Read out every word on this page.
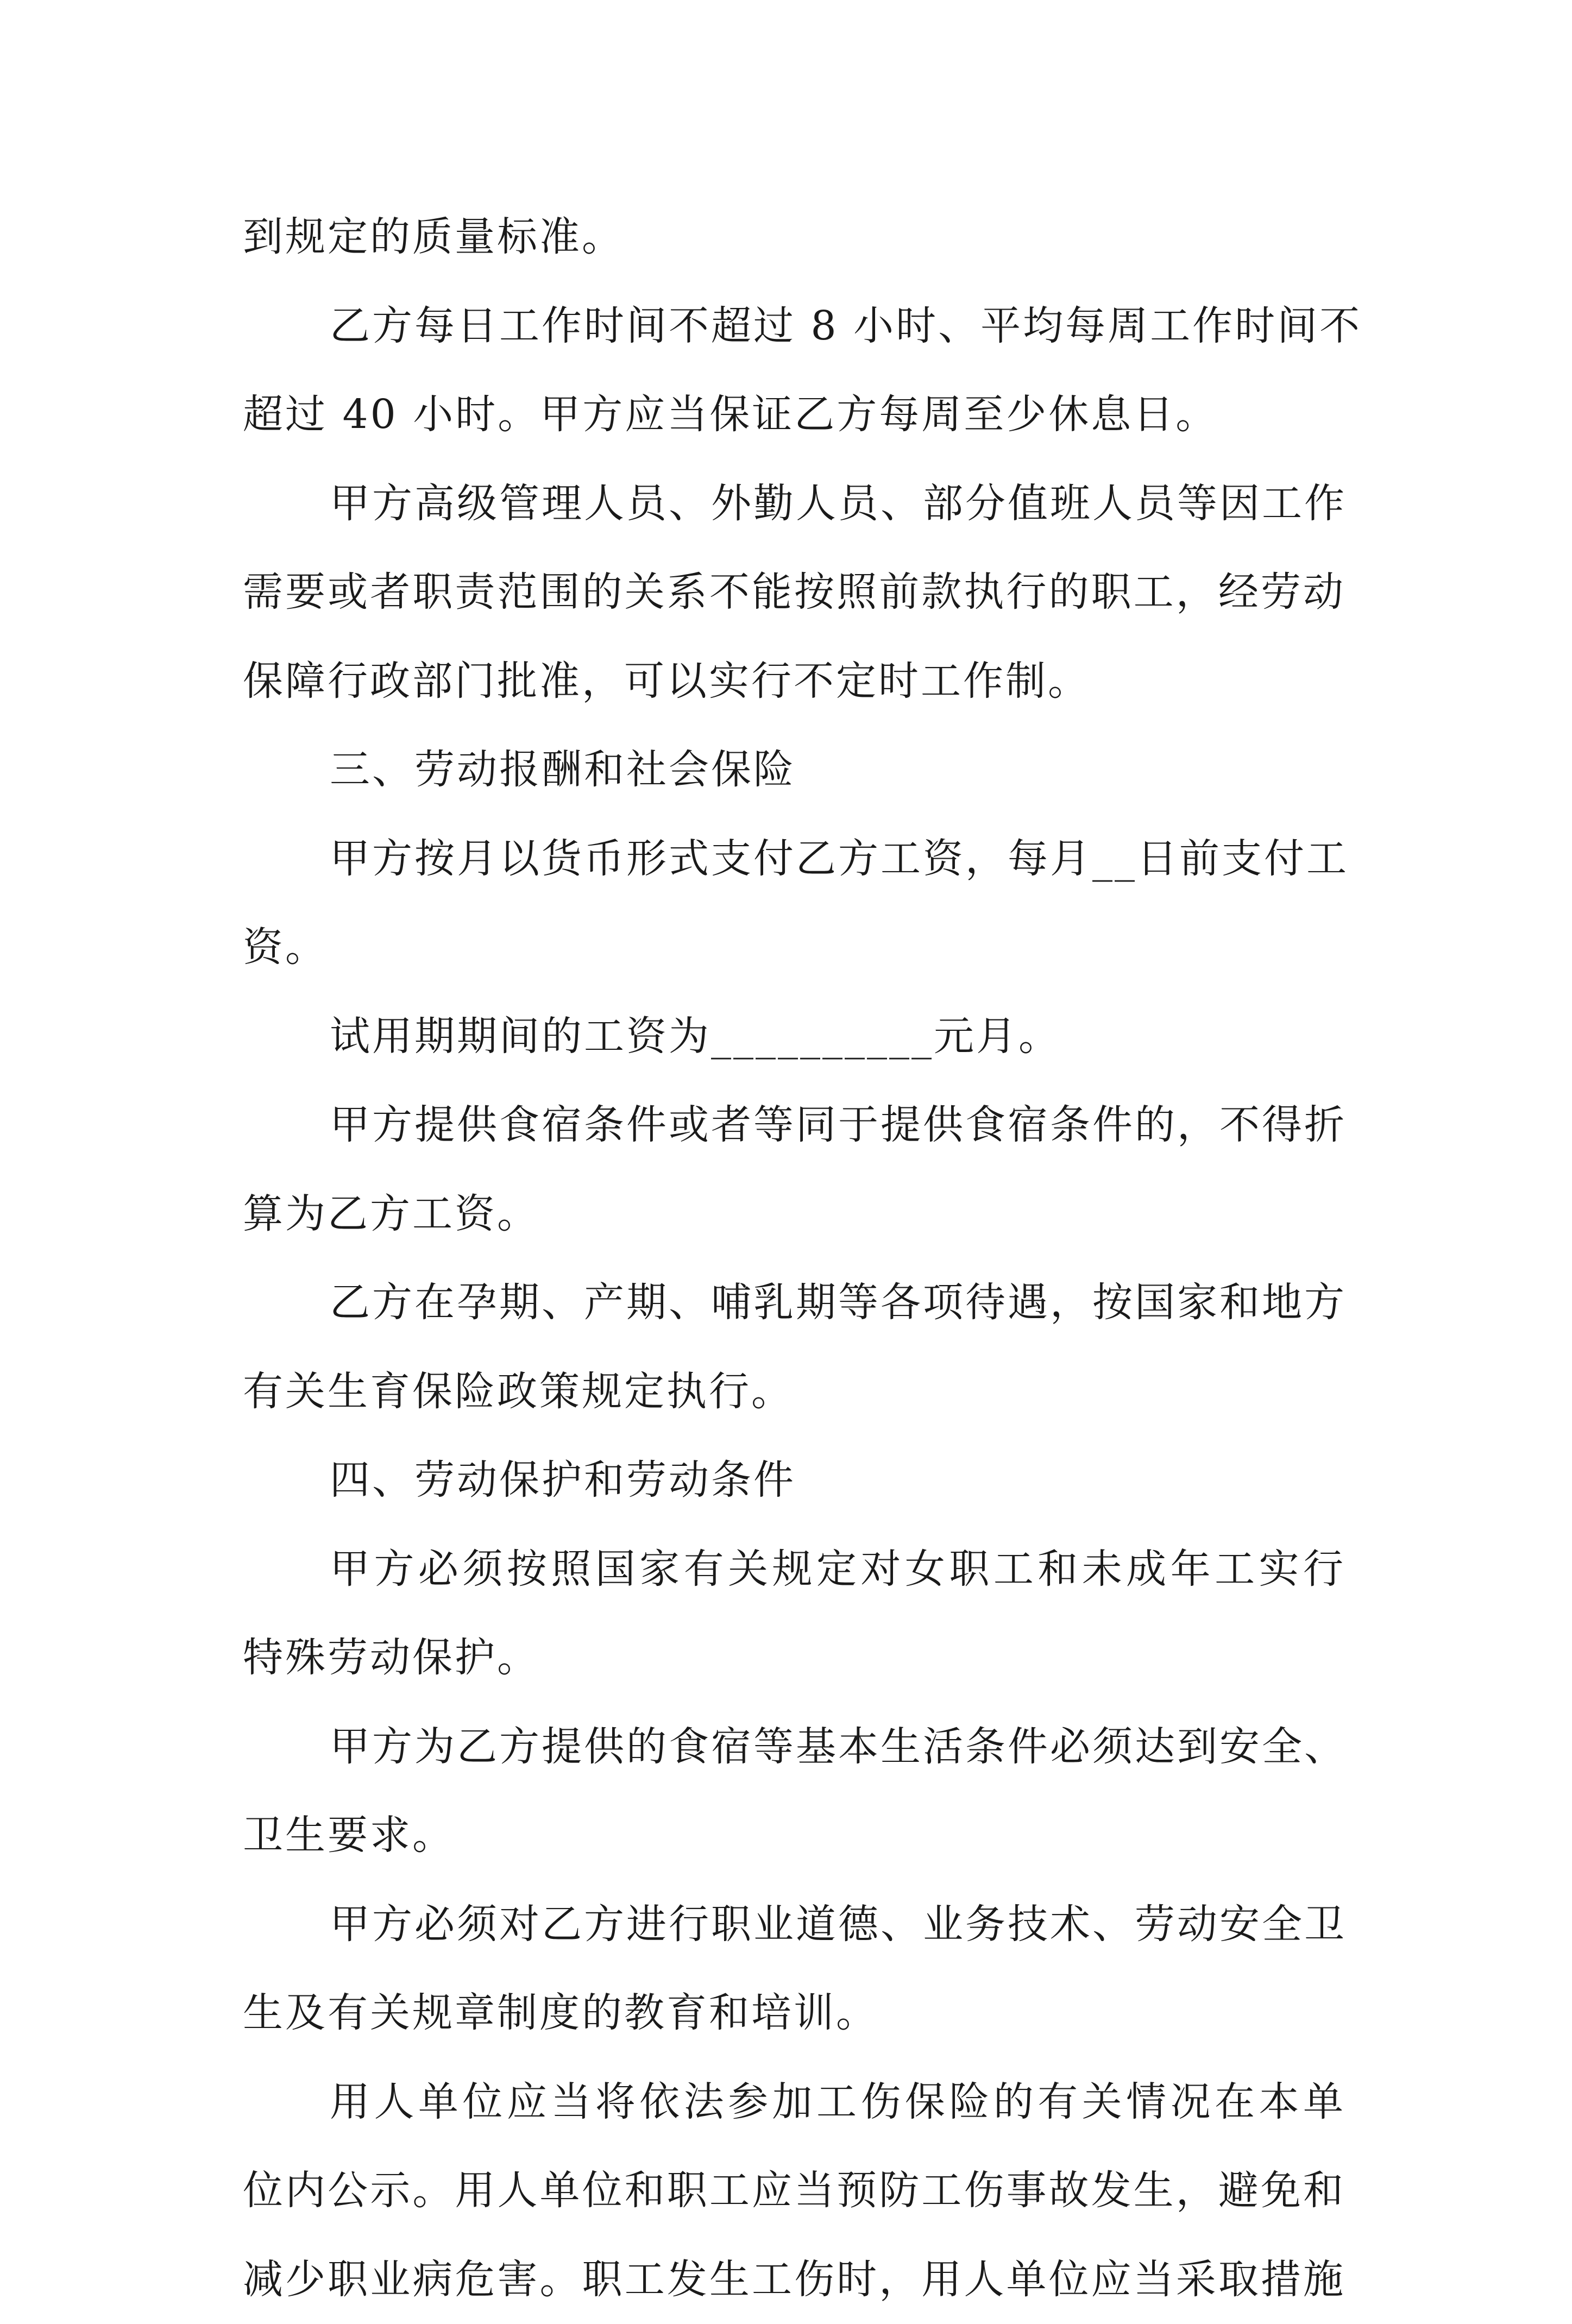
到规定的质量标准。
乙方每日工作时间不超过 8 小时、平均每周工作时间不
超过 40 小时。甲方应当保证乙方每周至少休息日。
甲方高级管理人员、外勤人员、部分值班人员等因工作
需要或者职责范围的关系不能按照前款执行的职工，经劳动
保障行政部门批准，可以实行不定时工作制。
三、劳动报酬和社会保险
甲方按月以货币形式支付乙方工资，每月__日前支付工
资。
试用期期间的工资为__________元月。
甲方提供食宿条件或者等同于提供食宿条件的，不得折
算为乙方工资。
乙方在孕期、产期、哺乳期等各项待遇，按国家和地方
有关生育保险政策规定执行。
四、劳动保护和劳动条件
甲方必须按照国家有关规定对女职工和未成年工实行
特殊劳动保护。
甲方为乙方提供的食宿等基本生活条件必须达到安全、
卫生要求。
甲方必须对乙方进行职业道德、业务技术、劳动安全卫
生及有关规章制度的教育和培训。
用人单位应当将依法参加工伤保险的有关情况在本单
位内公示。用人单位和职工应当预防工伤事故发生，避免和
减少职业病危害。职工发生工伤时，用人单位应当采取措施
